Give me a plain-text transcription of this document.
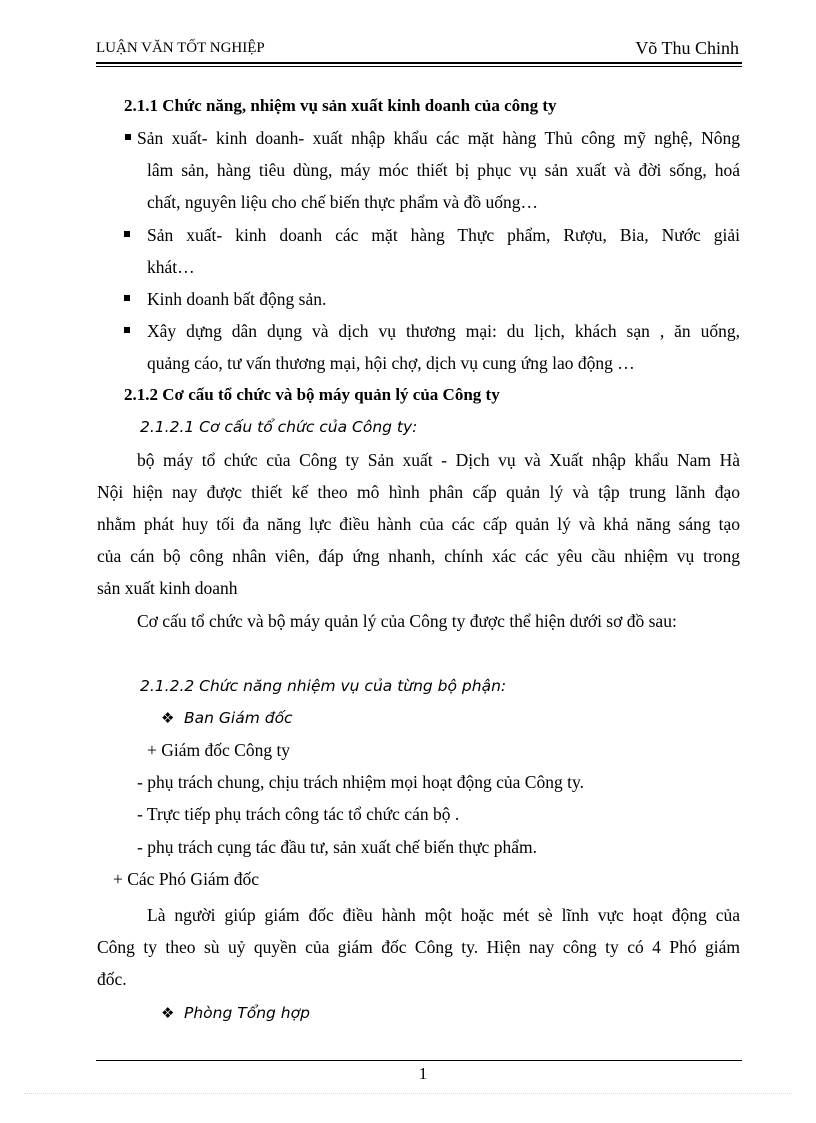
LUẬN VĂN TỐT NGHIỆP	Võ Thu Chinh
2.1.1 Chức năng, nhiệm vụ sản xuất kinh doanh của công ty
Sản xuất- kinh doanh- xuất nhập khẩu các mặt hàng Thủ công mỹ nghệ, Nông
lâm sản, hàng tiêu dùng, máy móc thiết bị phục vụ sản xuất và đời sống, hoá
chất, nguyên liệu cho chế biến thực phẩm và đồ uống…
Sản xuất- kinh doanh các mặt hàng Thực phẩm, Rượu, Bia, Nước giải
khát…
Kinh doanh bất động sản.
Xây dựng dân dụng và dịch vụ thương mại: du lịch, khách sạn , ăn uống,
quảng cáo, tư vấn thương mại, hội chợ, dịch vụ cung ứng lao động …
2.1.2 Cơ cấu tổ chức và bộ máy quản lý của Công ty
2.1.2.1 Cơ cấu tổ chức của Công ty:
bộ máy tổ chức của Công ty Sản xuất - Dịch vụ và Xuất nhập khẩu Nam Hà
Nội hiện nay được thiết kế theo mô hình phân cấp quản lý và tập trung lãnh đạo
nhằm phát huy tối đa năng lực điều hành của các cấp quản lý và khả năng sáng tạo
của cán bộ công nhân viên, đáp ứng nhanh, chính xác các yêu cầu nhiệm vụ trong
sản xuất kinh doanh
Cơ cấu tổ chức và bộ máy quản lý của Công ty được thể hiện dưới sơ đồ sau:
2.1.2.2 Chức năng nhiệm vụ của từng bộ phận:
❖ Ban Giám đốc
+ Giám đốc Công ty
- phụ trách chung, chịu trách nhiệm mọi hoạt động của Công ty.
- Trực tiếp phụ trách công tác tổ chức cán bộ .
- phụ trách cụng tác đầu tư, sản xuất chế biến thực phẩm.
+ Các Phó Giám đốc
Là người giúp giám đốc điều hành một hoặc mét sè lĩnh vực hoạt động của
Công ty theo sù uỷ quyền của giám đốc Công ty. Hiện nay công ty có 4 Phó giám
đốc.
❖ Phòng Tổng hợp
1
